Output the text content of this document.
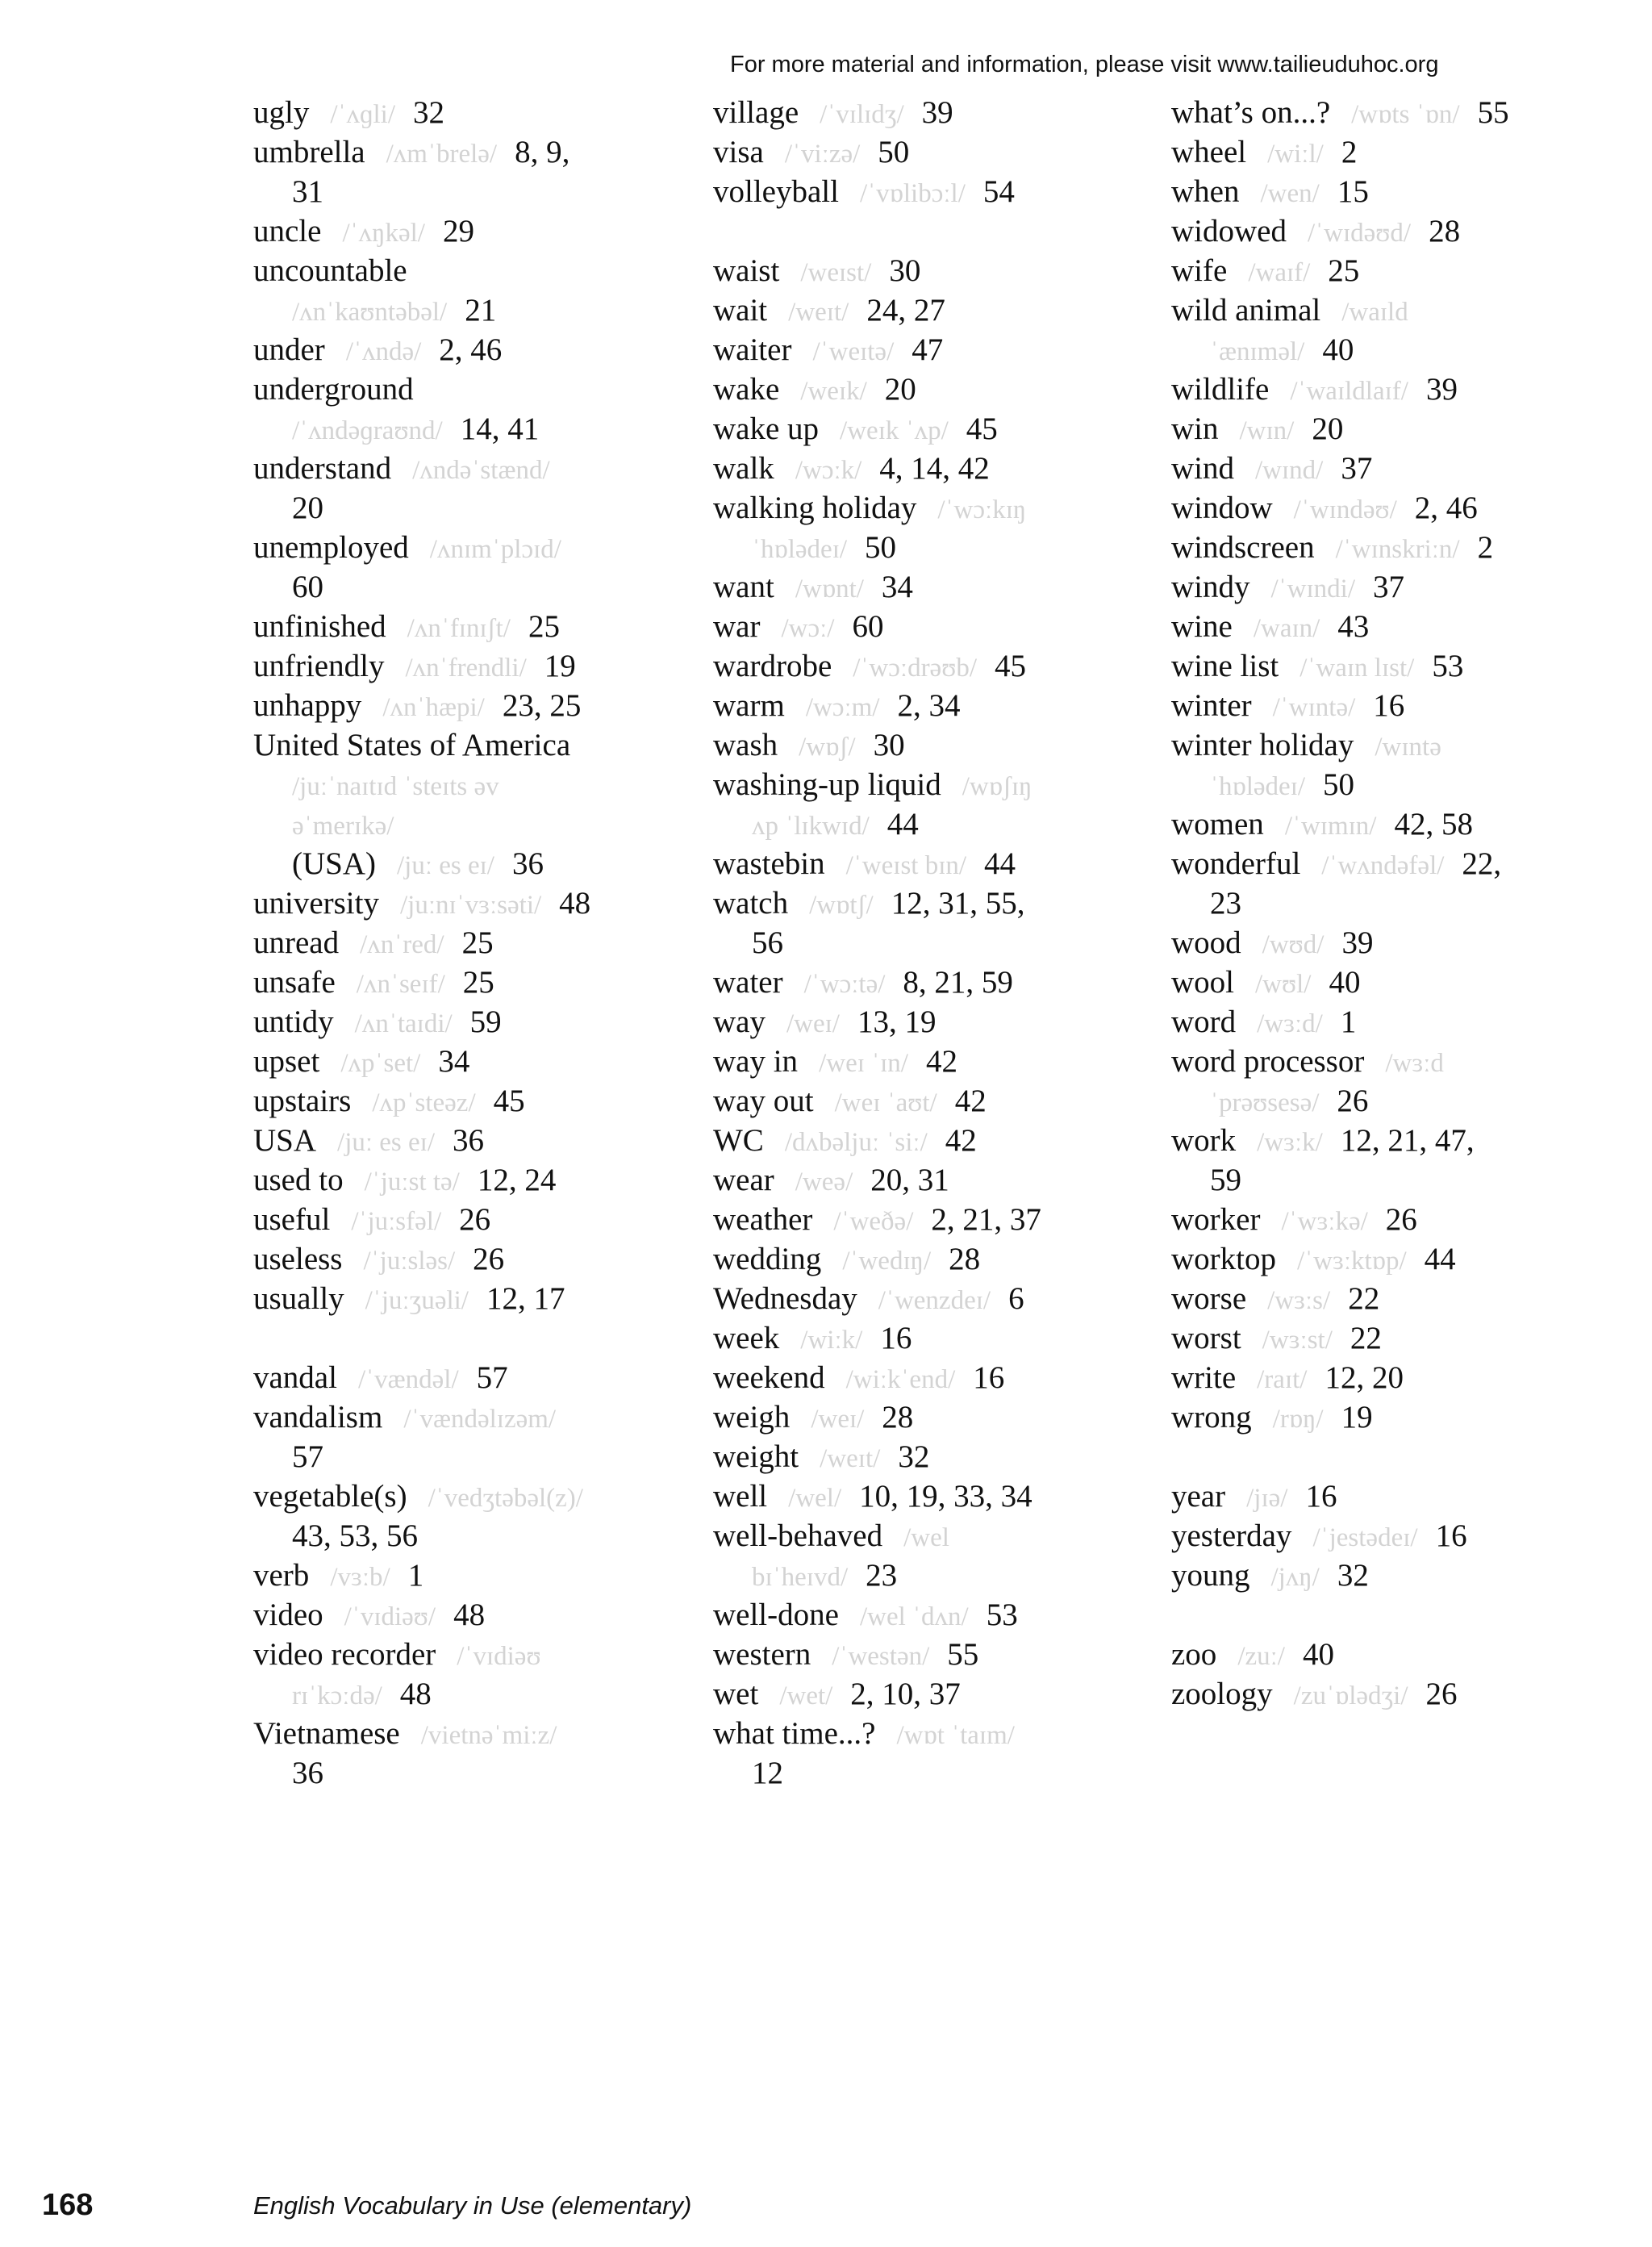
For more material and information, please visit www.tailieuduhoc.org
ugly /ˈʌɡli/ 32
umbrella /ʌmˈbrelə/ 8, 9,
31
uncle /ˈʌŋkəl/ 29
uncountable
/ʌnˈkaʊntəbəl/ 21
under /ˈʌndə/ 2, 46
underground
/ˈʌndəɡraʊnd/ 14, 41
understand /ʌndəˈstænd/
20
unemployed /ʌnɪmˈplɔɪd/
60
unfinished /ʌnˈfɪnɪʃt/ 25
unfriendly /ʌnˈfrendli/ 19
unhappy /ʌnˈhæpi/ 23, 25
United States of America
/juːˈnaɪtɪd ˈsteɪts əv
əˈmerɪkə/
(USA) /juː es eɪ/ 36
university /juːnɪˈvɜːsəti/ 48
unread /ʌnˈred/ 25
unsafe /ʌnˈseɪf/ 25
untidy /ʌnˈtaɪdi/ 59
upset /ʌpˈset/ 34
upstairs /ʌpˈsteəz/ 45
USA /juː es eɪ/ 36
used to /ˈjuːst tə/ 12, 24
useful /ˈjuːsfəl/ 26
useless /ˈjuːsləs/ 26
usually /ˈjuːʒuəli/ 12, 17
vandal /ˈvændəl/ 57
vandalism /ˈvændəlɪzəm/
57
vegetable(s) /ˈvedʒtəbəl(z)/
43, 53, 56
verb /vɜːb/ 1
video /ˈvɪdiəʊ/ 48
video recorder /ˈvɪdiəʊ
rɪˈkɔːdə/ 48
Vietnamese /vietnəˈmiːz/
36
village /ˈvɪlɪdʒ/ 39
visa /ˈviːzə/ 50
volleyball /ˈvɒlibɔːl/ 54
waist /weɪst/ 30
wait /weɪt/ 24, 27
waiter /ˈweɪtə/ 47
wake /weɪk/ 20
wake up /weɪk ˈʌp/ 45
walk /wɔːk/ 4, 14, 42
walking holiday /ˈwɔːkɪŋ
ˈhɒlədeɪ/ 50
want /wɒnt/ 34
war /wɔː/ 60
wardrobe /ˈwɔːdrəʊb/ 45
warm /wɔːm/ 2, 34
wash /wɒʃ/ 30
washing-up liquid /wɒʃɪŋ
ʌp ˈlɪkwɪd/ 44
wastebin /ˈweɪst bɪn/ 44
watch /wɒtʃ/ 12, 31, 55,
56
water /ˈwɔːtə/ 8, 21, 59
way /weɪ/ 13, 19
way in /weɪ ˈɪn/ 42
way out /weɪ ˈaʊt/ 42
WC /dʌbəljuː ˈsiː/ 42
wear /weə/ 20, 31
weather /ˈweðə/ 2, 21, 37
wedding /ˈwedɪŋ/ 28
Wednesday /ˈwenzdeɪ/ 6
week /wiːk/ 16
weekend /wiːkˈend/ 16
weigh /weɪ/ 28
weight /weɪt/ 32
well /wel/ 10, 19, 33, 34
well-behaved /wel
bɪˈheɪvd/ 23
well-done /wel ˈdʌn/ 53
western /ˈwestən/ 55
wet /wet/ 2, 10, 37
what time...? /wɒt ˈtaɪm/
12
what’s on...? /wɒts ˈɒn/ 55
wheel /wiːl/ 2
when /wen/ 15
widowed /ˈwɪdəʊd/ 28
wife /waɪf/ 25
wild animal /waɪld
ˈænɪməl/ 40
wildlife /ˈwaɪldlaɪf/ 39
win /wɪn/ 20
wind /wɪnd/ 37
window /ˈwɪndəʊ/ 2, 46
windscreen /ˈwɪnskriːn/ 2
windy /ˈwɪndi/ 37
wine /waɪn/ 43
wine list /ˈwaɪn lɪst/ 53
winter /ˈwɪntə/ 16
winter holiday /wɪntə
ˈhɒlədeɪ/ 50
women /ˈwɪmɪn/ 42, 58
wonderful /ˈwʌndəfəl/ 22,
23
wood /wʊd/ 39
wool /wʊl/ 40
word /wɜːd/ 1
word processor /wɜːd
ˈprəʊsesə/ 26
work /wɜːk/ 12, 21, 47,
59
worker /ˈwɜːkə/ 26
worktop /ˈwɜːktɒp/ 44
worse /wɜːs/ 22
worst /wɜːst/ 22
write /raɪt/ 12, 20
wrong /rɒŋ/ 19
year /jɪə/ 16
yesterday /ˈjestədeɪ/ 16
young /jʌŋ/ 32
zoo /zuː/ 40
zoology /zuˈɒlədʒi/ 26
168	English Vocabulary in Use (elementary)
